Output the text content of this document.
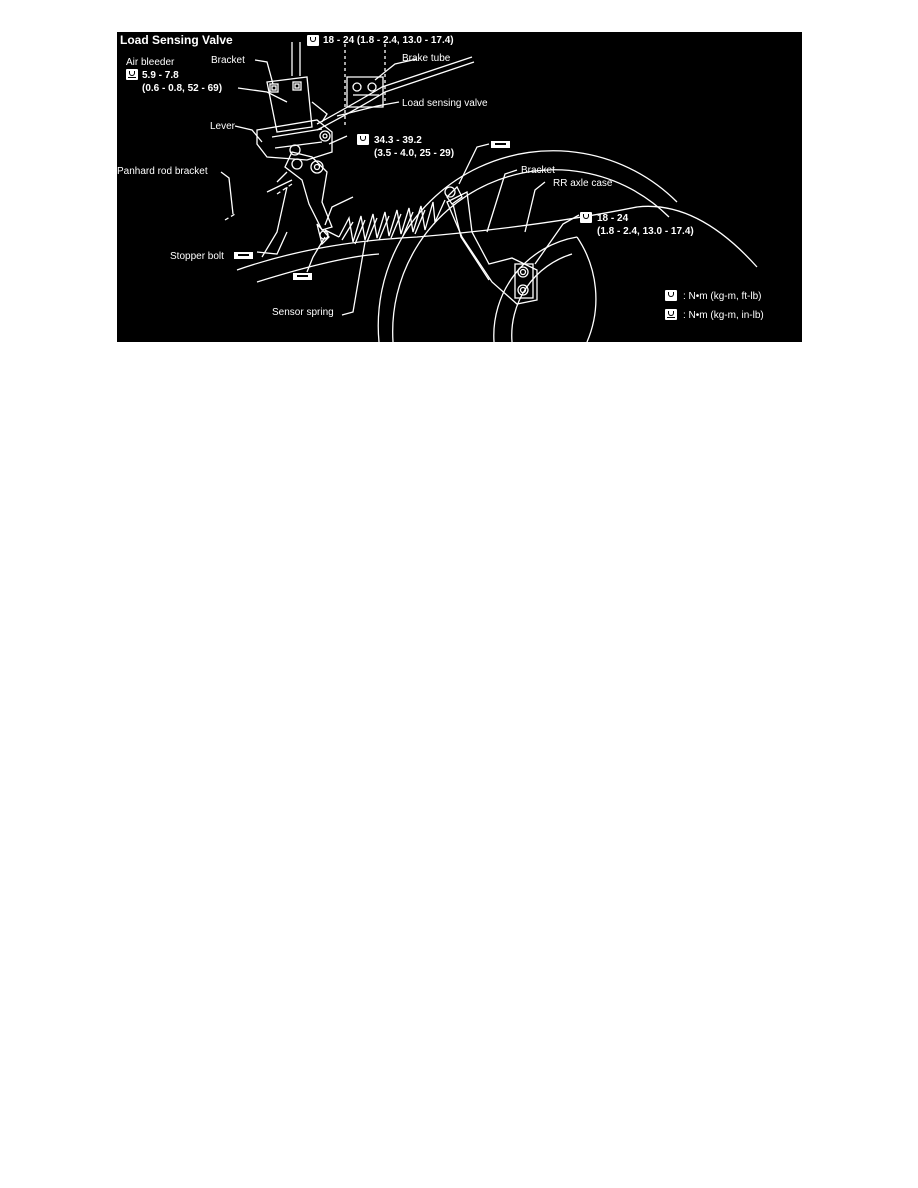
Load Sensing Valve	18 - 24 (1.8 - 2.4, 13.0 - 17.4)
Air bleeder
5.9 - 7.8
(0.6 - 0.8, 52 - 69)
Bracket	Brake tube
Load sensing valve
Lever
34.3 - 39.2
(3.5 - 4.0, 25 - 29)
Panhard rod bracket	Bracket
RR axle case
18 - 24
(1.8 - 2.4, 13.0 - 17.4)
Stopper bolt
Sensor spring
: N•m (kg-m, ft-lb)
: N•m (kg-m, in-lb)
